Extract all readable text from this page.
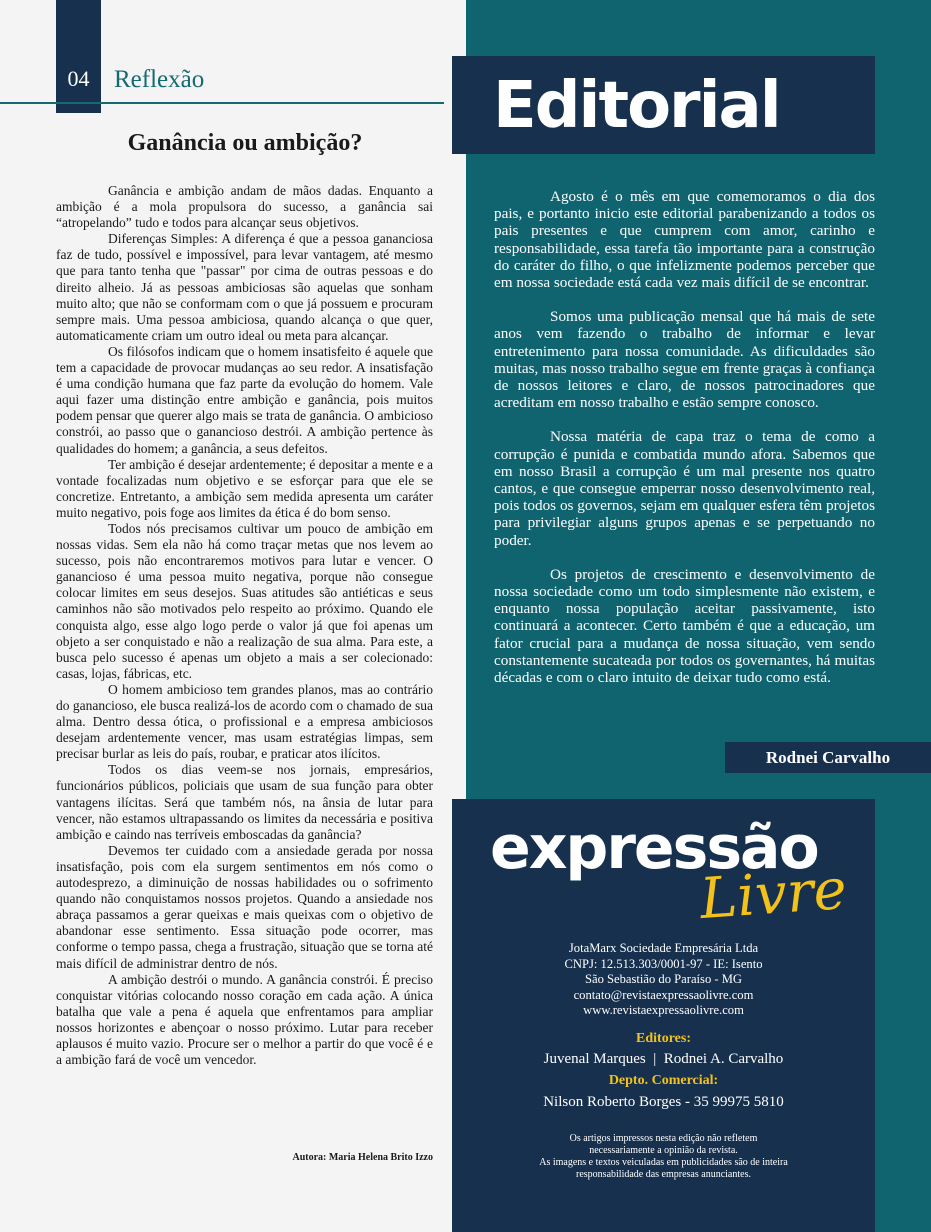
04 Reflexão
Ganância ou ambição?

Ganância e ambição andam de mãos dadas. Enquanto a ambição é a mola propulsora do sucesso, a ganância sai “atropelando” tudo e todos para alcançar seus objetivos.

Diferenças Simples: A diferença é que a pessoa gananciosa faz de tudo, possível e impossível, para levar vantagem, até mesmo que para tanto tenha que "passar" por cima de outras pessoas e do direito alheio. Já as pessoas ambiciosas são aquelas que sonham muito alto; que não se conformam com o que já possuem e procuram sempre mais. Uma pessoa ambiciosa, quando alcança o que quer, automaticamente criam um outro ideal ou meta para alcançar.

Os filósofos indicam que o homem insatisfeito é aquele que tem a capacidade de provocar mudanças ao seu redor. A insatisfação é uma condição humana que faz parte da evolução do homem. Vale aqui fazer uma distinção entre ambição e ganância, pois muitos podem pensar que querer algo mais se trata de ganância. O ambicioso constrói, ao passo que o ganancioso destrói. A ambição pertence às qualidades do homem; a ganância, a seus defeitos.

Ter ambição é desejar ardentemente; é depositar a mente e a vontade focalizadas num objetivo e se esforçar para que ele se concretize. Entretanto, a ambição sem medida apresenta um caráter muito negativo, pois foge aos limites da ética é do bom senso.

Todos nós precisamos cultivar um pouco de ambição em nossas vidas. Sem ela não há como traçar metas que nos levem ao sucesso, pois não encontraremos motivos para lutar e vencer. O ganancioso é uma pessoa muito negativa, porque não consegue colocar limites em seus desejos. Suas atitudes são antiéticas e seus caminhos não são motivados pelo respeito ao próximo. Quando ele conquista algo, esse algo logo perde o valor já que foi apenas um objeto a ser conquistado e não a realização de sua alma. Para este, a busca pelo sucesso é apenas um objeto a mais a ser colecionado: casas, lojas, fábricas, etc.

O homem ambicioso tem grandes planos, mas ao contrário do ganancioso, ele busca realizá-los de acordo com o chamado de sua alma. Dentro dessa ótica, o profissional e a empresa ambiciosos desejam ardentemente vencer, mas usam estratégias limpas, sem precisar burlar as leis do país, roubar, e praticar atos ilícitos.

Todos os dias veem-se nos jornais, empresários, funcionários públicos, policiais que usam de sua função para obter vantagens ilícitas. Será que também nós, na ânsia de lutar para vencer, não estamos ultrapassando os limites da necessária e positiva ambição e caindo nas terríveis emboscadas da ganância?

Devemos ter cuidado com a ansiedade gerada por nossa insatisfação, pois com ela surgem sentimentos em nós como o autodesprezo, a diminuição de nossas habilidades ou o sofrimento quando não conquistamos nossos projetos. Quando a ansiedade nos abraça passamos a gerar queixas e mais queixas com o objetivo de abandonar esse sentimento. Essa situação pode ocorrer, mas conforme o tempo passa, chega a frustração, situação que se torna até mais difícil de administrar dentro de nós.

A ambição destrói o mundo. A ganância constrói. É preciso conquistar vitórias colocando nosso coração em cada ação. A única batalha que vale a pena é aquela que enfrentamos para ampliar nossos horizontes e abençoar o nosso próximo. Lutar para receber aplausos é muito vazio. Procure ser o melhor a partir do que você é e a ambição fará de você um vencedor.

Autora: Maria Helena Brito Izzo
Editorial

Agosto é o mês em que comemoramos o dia dos pais, e portanto inicio este editorial parabenizando a todos os pais presentes e que cumprem com amor, carinho e responsabilidade, essa tarefa tão importante para a construção do caráter do filho, o que infelizmente podemos perceber que em nossa sociedade está cada vez mais difícil de se encontrar.

Somos uma publicação mensal que há mais de sete anos vem fazendo o trabalho de informar e levar entretenimento para nossa comunidade. As dificuldades são muitas, mas nosso trabalho segue em frente graças à confiança de nossos leitores e claro, de nossos patrocinadores que acreditam em nosso trabalho e estão sempre conosco.

Nossa matéria de capa traz o tema de como a corrupção é punida e combatida mundo afora. Sabemos que em nosso Brasil a corrupção é um mal presente nos quatro cantos, e que consegue emperrar nosso desenvolvimento real, pois todos os governos, sejam em qualquer esfera têm projetos para privilegiar alguns grupos apenas e se perpetuando no poder.

Os projetos de crescimento e desenvolvimento de nossa sociedade como um todo simplesmente não existem, e enquanto nossa população aceitar passivamente, isto continuará a acontecer. Certo também é que a educação, um fator crucial para a mudança de nossa situação, vem sendo constantemente sucateada por todos os governantes, há muitas décadas e com o claro intuito de deixar tudo como está.

Rodnei Carvalho
expressão
Livre
JotaMarx Sociedade Empresária Ltda
CNPJ: 12.513.303/0001-97 - IE: Isento
São Sebastião do Paraíso - MG
contato@revistaexpressaolivre.com
www.revistaexpressaolivre.com
Editores:
Juvenal Marques  |  Rodnei A. Carvalho
Depto. Comercial:
Nilson Roberto Borges - 35 99975 5810
Os artigos impressos nesta edição não refletem
necessariamente a opinião da revista.
As imagens e textos veiculadas em publicidades são de inteira
responsabilidade das empresas anunciantes.
